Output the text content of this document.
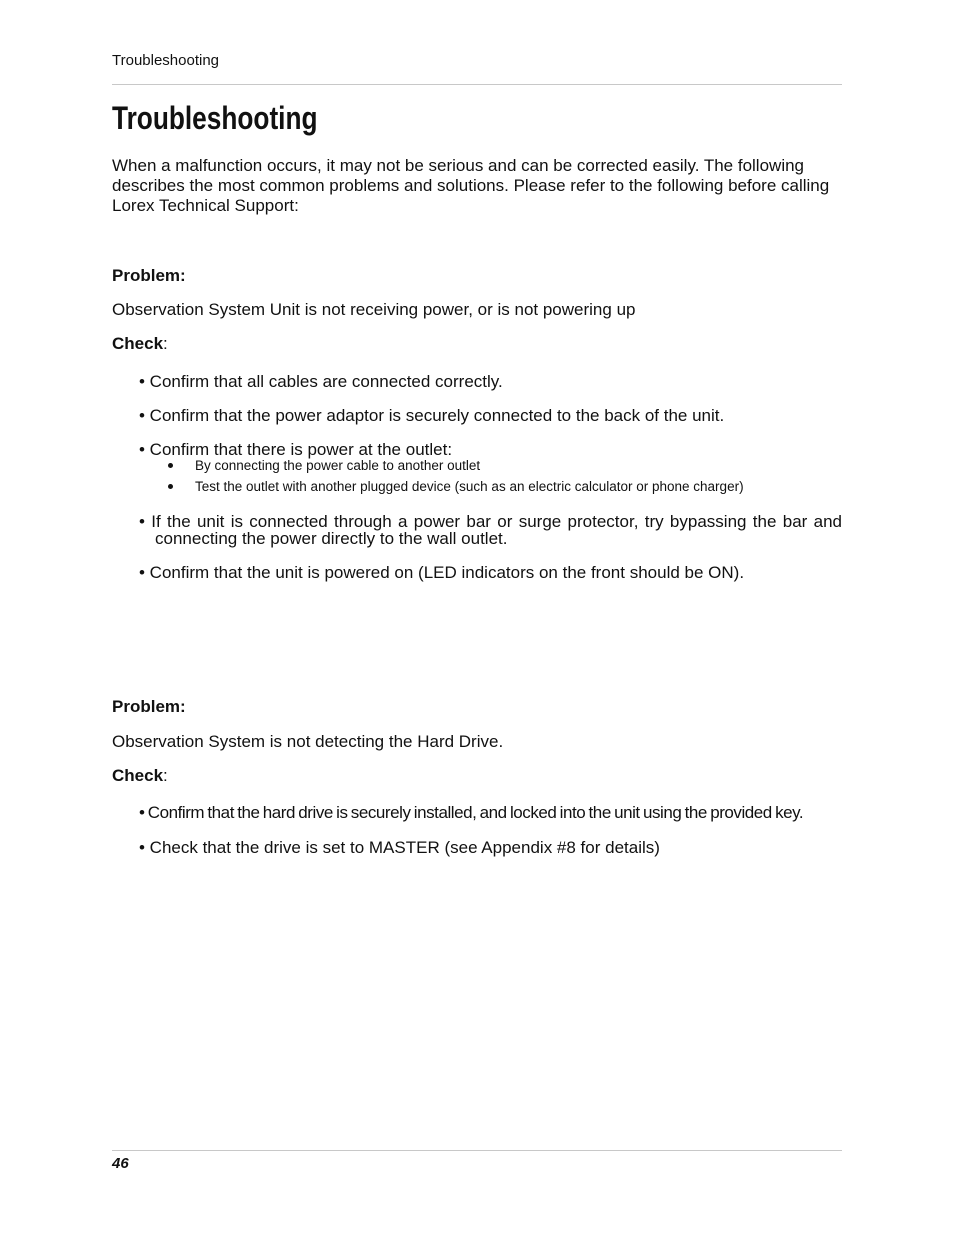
Troubleshooting
Troubleshooting
When a malfunction occurs, it may not be serious and can be corrected easily. The following describes the most common problems and solutions. Please refer to the following before calling Lorex Technical Support:
Problem:
Observation System Unit is not receiving power, or is not powering up
Check:
• Confirm that all cables are connected correctly.
• Confirm that the power adaptor is securely connected to the back of the unit.
• Confirm that there is power at the outlet:
By connecting the power cable to another outlet
Test the outlet with another plugged device (such as an electric calculator or phone charger)
• If the unit is connected through a power bar or surge protector, try bypassing the bar and
connecting the power directly to the wall outlet.
• Confirm that the unit is powered on (LED indicators on the front should be ON).
Problem:
Observation System is not detecting the Hard Drive.
Check:
• Confirm that the hard drive is securely installed, and locked into the unit using the provided key.
• Check that the drive is set to MASTER (see Appendix #8 for details)
46
